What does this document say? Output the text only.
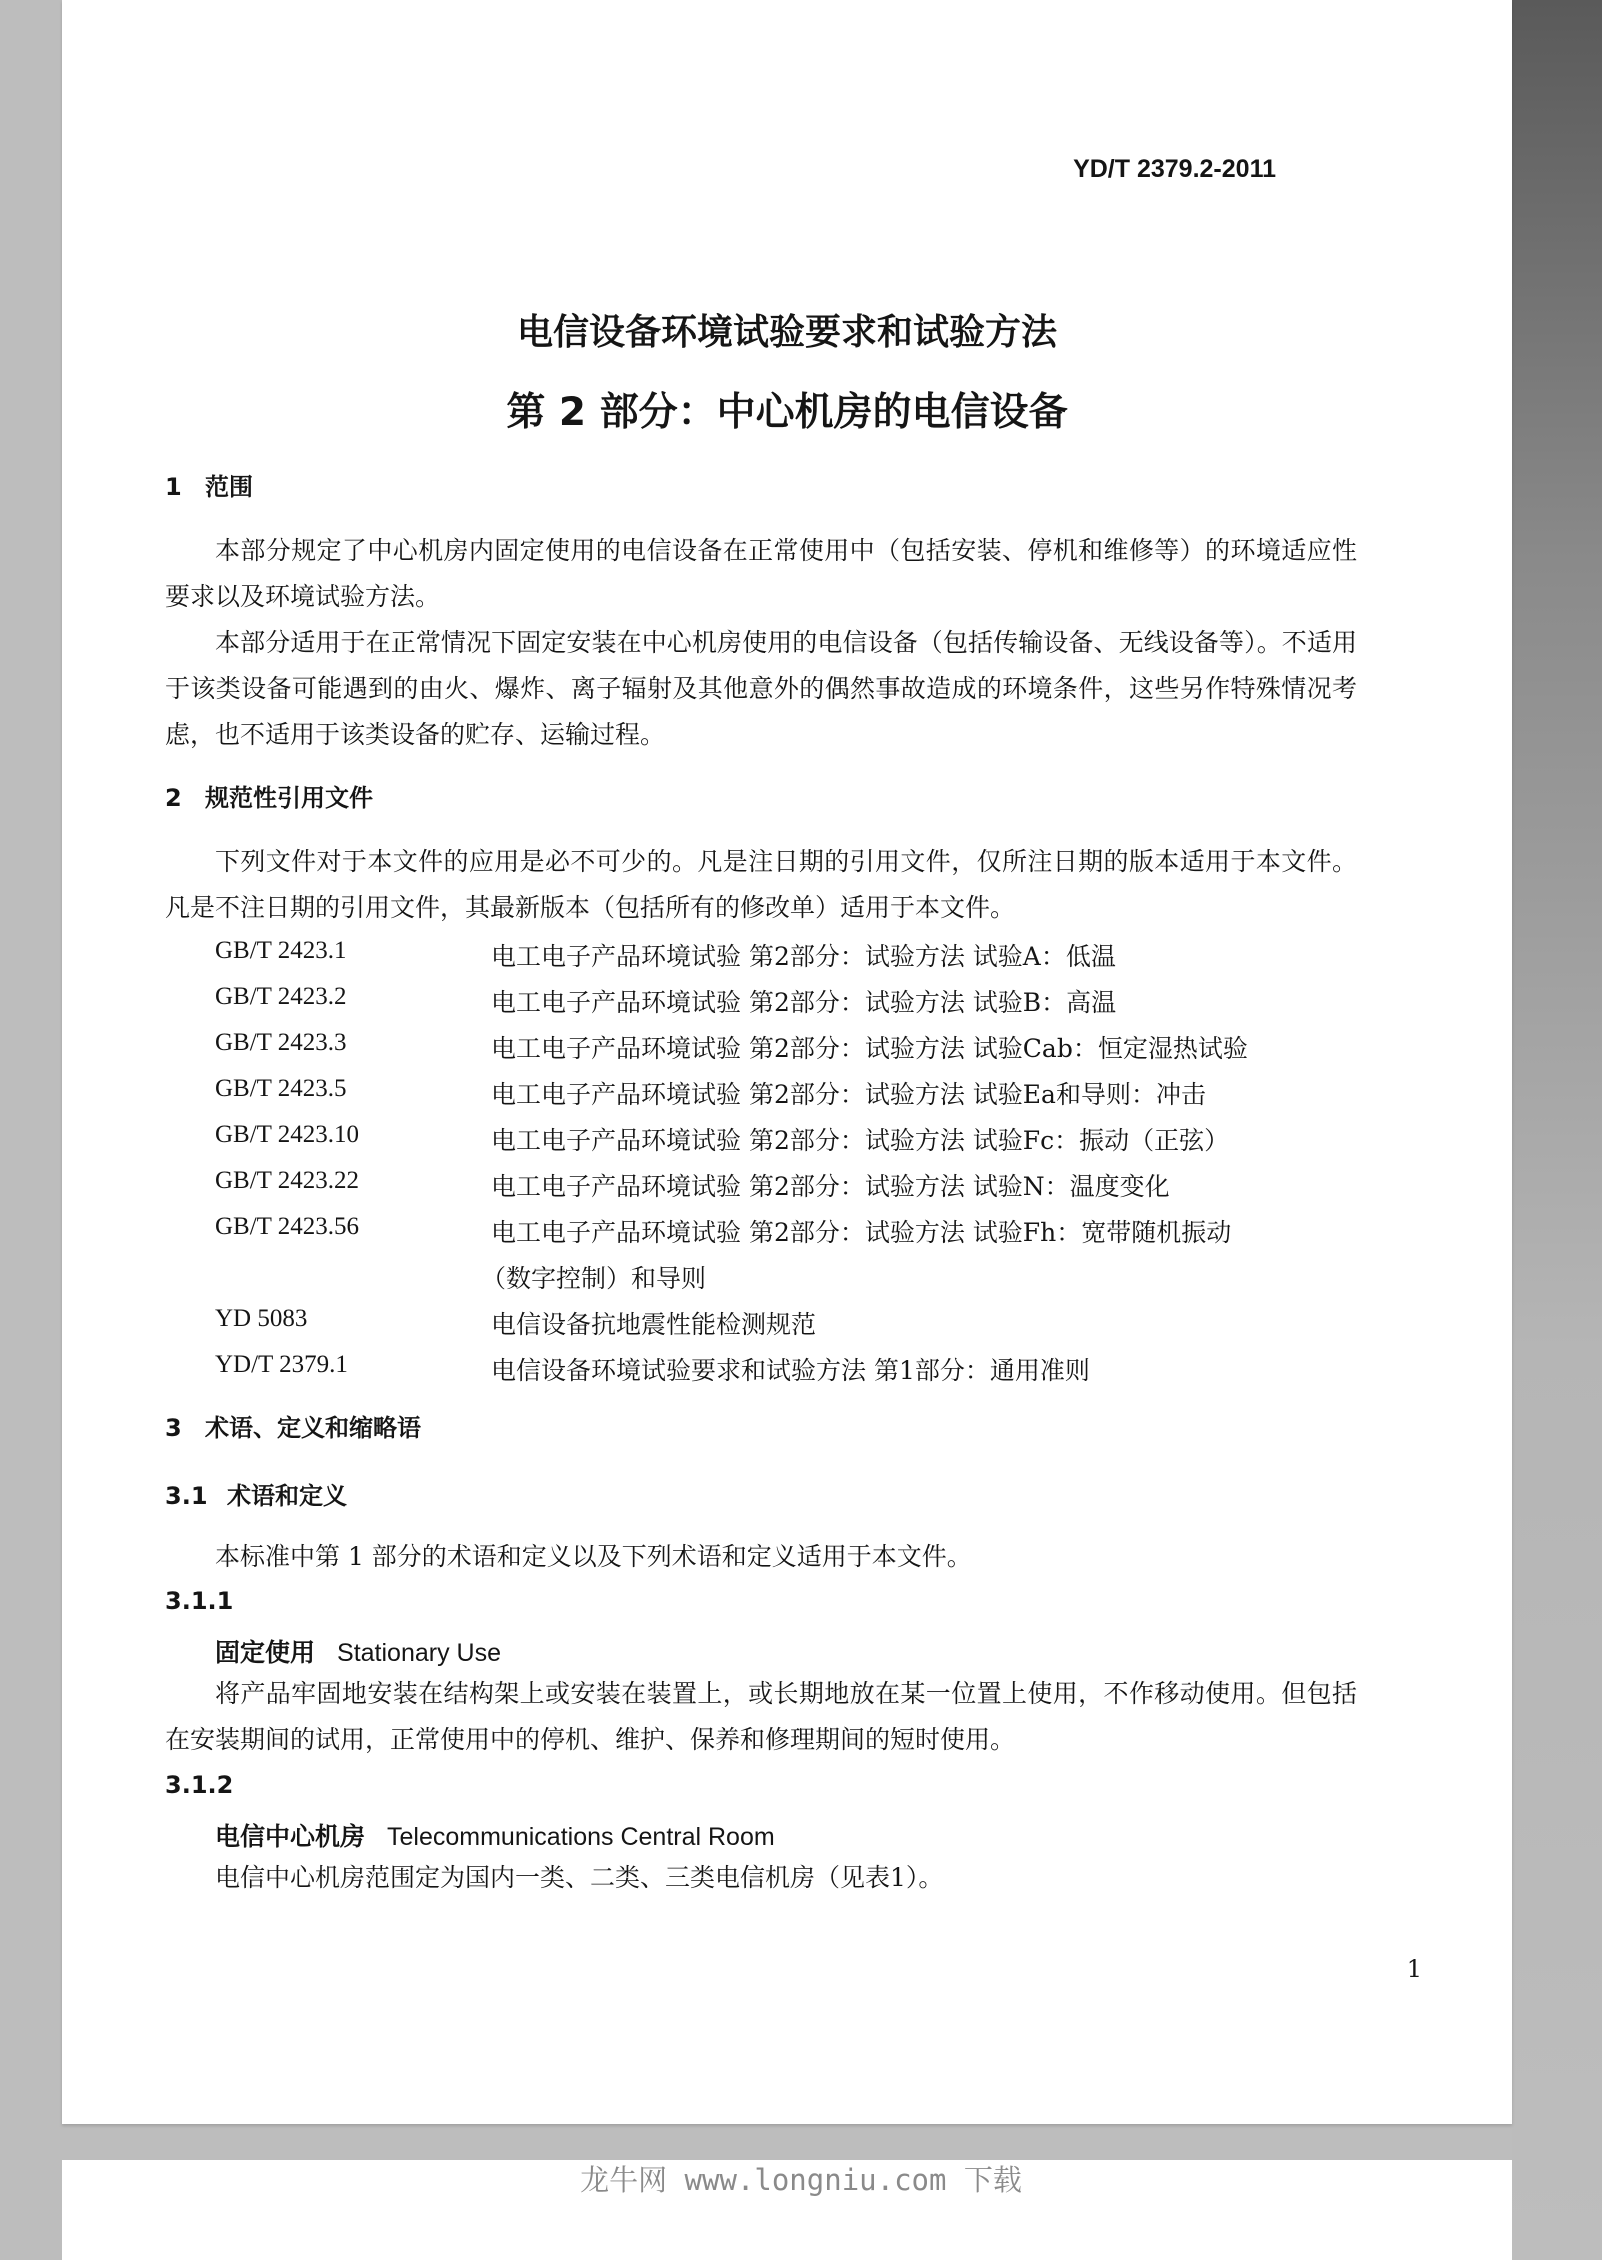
YD/T 2379.2-2011
电信设备环境试验要求和试验方法
第 2 部分：中心机房的电信设备
1 范围
本部分规定了中心机房内固定使用的电信设备在正常使用中（包括安装、停机和维修等）的环境适应性要求以及环境试验方法。
本部分适用于在正常情况下固定安装在中心机房使用的电信设备（包括传输设备、无线设备等）。不适用于该类设备可能遇到的由火、爆炸、离子辐射及其他意外的偶然事故造成的环境条件，这些另作特殊情况考虑，也不适用于该类设备的贮存、运输过程。
2 规范性引用文件
下列文件对于本文件的应用是必不可少的。凡是注日期的引用文件，仅所注日期的版本适用于本文件。凡是不注日期的引用文件，其最新版本（包括所有的修改单）适用于本文件。
GB/T 2423.1	电工电子产品环境试验 第2部分：试验方法 试验A：低温
GB/T 2423.2	电工电子产品环境试验 第2部分：试验方法 试验B：高温
GB/T 2423.3	电工电子产品环境试验 第2部分：试验方法 试验Cab：恒定湿热试验
GB/T 2423.5	电工电子产品环境试验 第2部分：试验方法 试验Ea和导则：冲击
GB/T 2423.10	电工电子产品环境试验 第2部分：试验方法 试验Fc：振动（正弦）
GB/T 2423.22	电工电子产品环境试验 第2部分：试验方法 试验N：温度变化
GB/T 2423.56	电工电子产品环境试验 第2部分：试验方法 试验Fh：宽带随机振动
（数字控制）和导则
YD 5083	电信设备抗地震性能检测规范
YD/T 2379.1	电信设备环境试验要求和试验方法 第1部分：通用准则
3 术语、定义和缩略语
3.1 术语和定义
本标准中第 1 部分的术语和定义以及下列术语和定义适用于本文件。
3.1.1
固定使用 Stationary Use
将产品牢固地安装在结构架上或安装在装置上，或长期地放在某一位置上使用，不作移动使用。但包括在安装期间的试用，正常使用中的停机、维护、保养和修理期间的短时使用。
3.1.2
电信中心机房 Telecommunications Central Room
电信中心机房范围定为国内一类、二类、三类电信机房（见表1）。
1
龙牛网 www.longniu.com 下载
